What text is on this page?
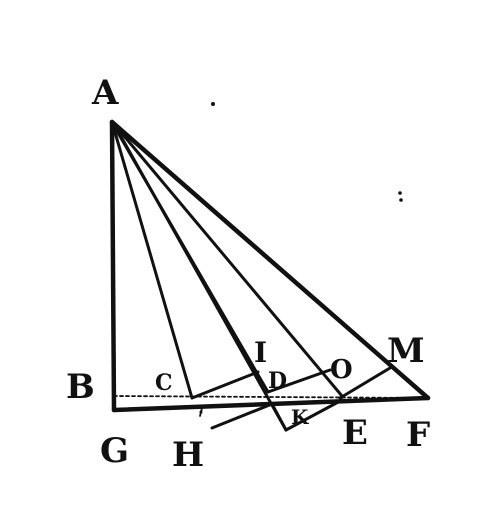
A
B	C
G H
I
D
K
O M
E F
